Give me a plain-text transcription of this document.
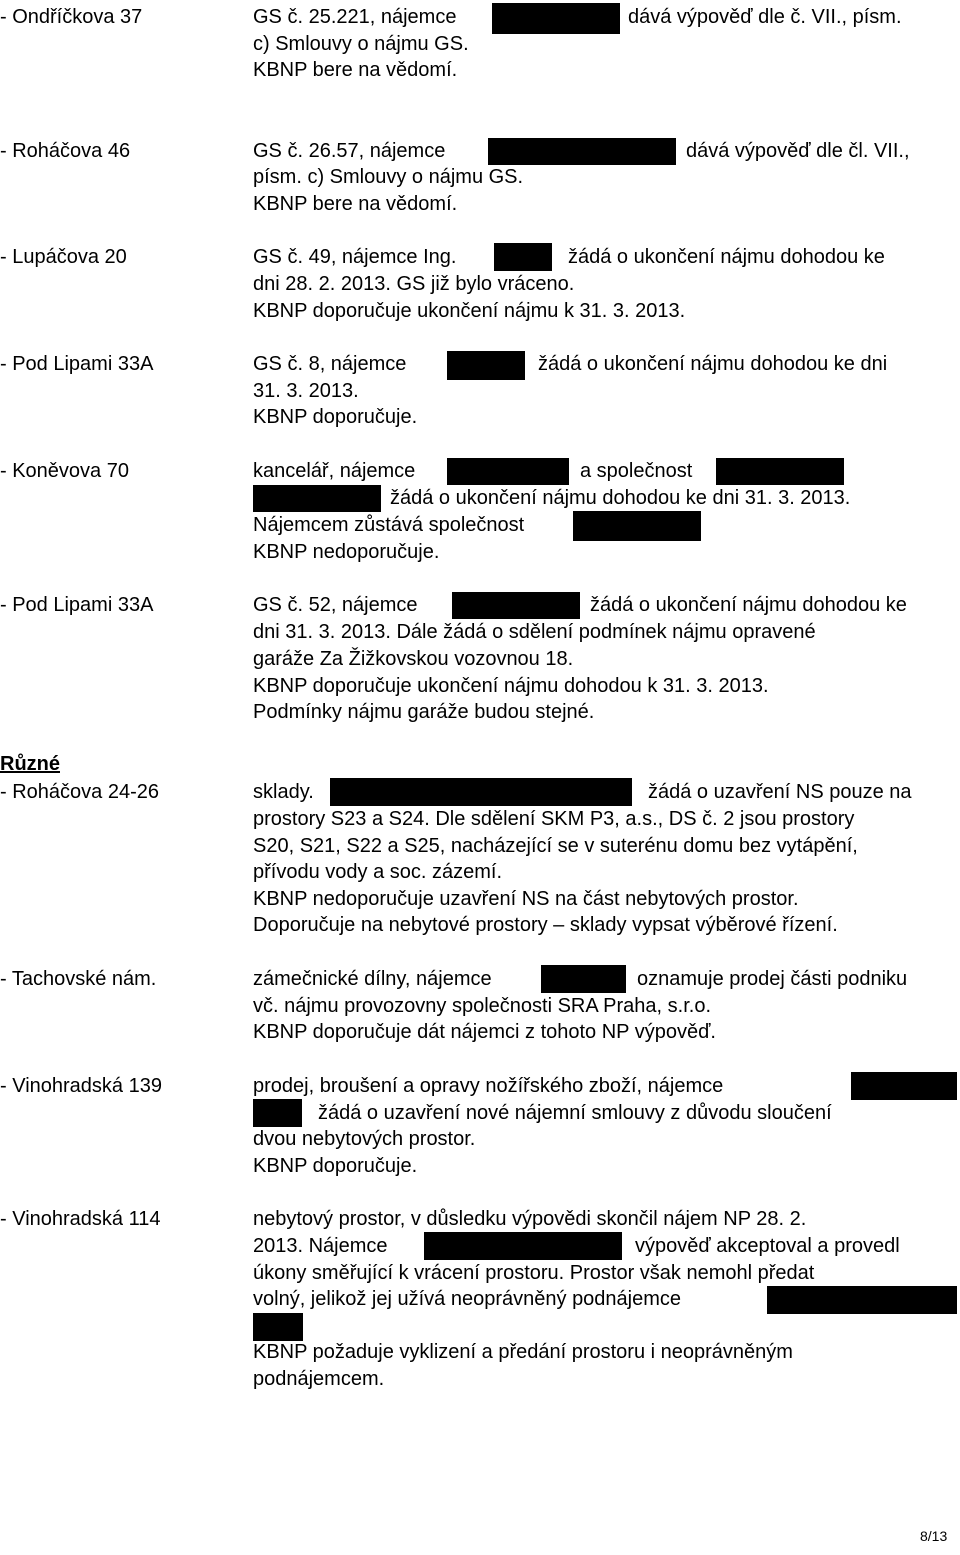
- Ondříčkova 37	GS č. 25.221, nájemce	dává výpověď dle č. VII., písm.
c) Smlouvy o nájmu GS.
KBNP bere na vědomí.
- Roháčova 46	GS č. 26.57, nájemce	dává výpověď dle čl. VII.,
písm. c) Smlouvy o nájmu GS.
KBNP bere na vědomí.
- Lupáčova 20	GS č. 49, nájemce Ing.	žádá o ukončení nájmu dohodou ke
dni 28. 2. 2013. GS již bylo vráceno.
KBNP doporučuje ukončení nájmu k 31. 3. 2013.
- Pod Lipami 33A	GS č. 8, nájemce	žádá o ukončení nájmu dohodou ke dni
31. 3. 2013.
KBNP doporučuje.
- Koněvova 70	kancelář, nájemce	a společnost
žádá o ukončení nájmu dohodou ke dni 31. 3. 2013.
Nájemcem zůstává společnost
KBNP nedoporučuje.
- Pod Lipami 33A	GS č. 52, nájemce	žádá o ukončení nájmu dohodou ke
dni 31. 3. 2013. Dále žádá o sdělení podmínek nájmu opravené
garáže Za Žižkovskou vozovnou 18.
KBNP doporučuje ukončení nájmu dohodou k 31. 3. 2013.
Podmínky nájmu garáže budou stejné.
Různé
- Roháčova 24-26	sklady.	žádá o uzavření NS pouze na
prostory S23 a S24. Dle sdělení SKM P3, a.s., DS č. 2 jsou prostory
S20, S21, S22 a S25, nacházející se v suterénu domu bez vytápění,
přívodu vody a soc. zázemí.
KBNP nedoporučuje uzavření NS na část nebytových prostor.
Doporučuje na nebytové prostory – sklady vypsat výběrové řízení.
- Tachovské nám.	zámečnické dílny, nájemce	oznamuje prodej části podniku
vč. nájmu provozovny společnosti SRA Praha, s.r.o.
KBNP doporučuje dát nájemci z tohoto NP výpověď.
- Vinohradská 139	prodej, broušení a opravy nožířského zboží, nájemce
žádá o uzavření nové nájemní smlouvy z důvodu sloučení
dvou nebytových prostor.
KBNP doporučuje.
- Vinohradská 114	nebytový prostor, v důsledku výpovědi skončil nájem NP 28. 2.
2013. Nájemce	výpověď akceptoval a provedl
úkony směřující k vrácení prostoru. Prostor však nemohl předat
volný, jelikož jej užívá neoprávněný podnájemce
KBNP požaduje vyklizení a předání prostoru i neoprávněným
podnájemcem.
8/13
